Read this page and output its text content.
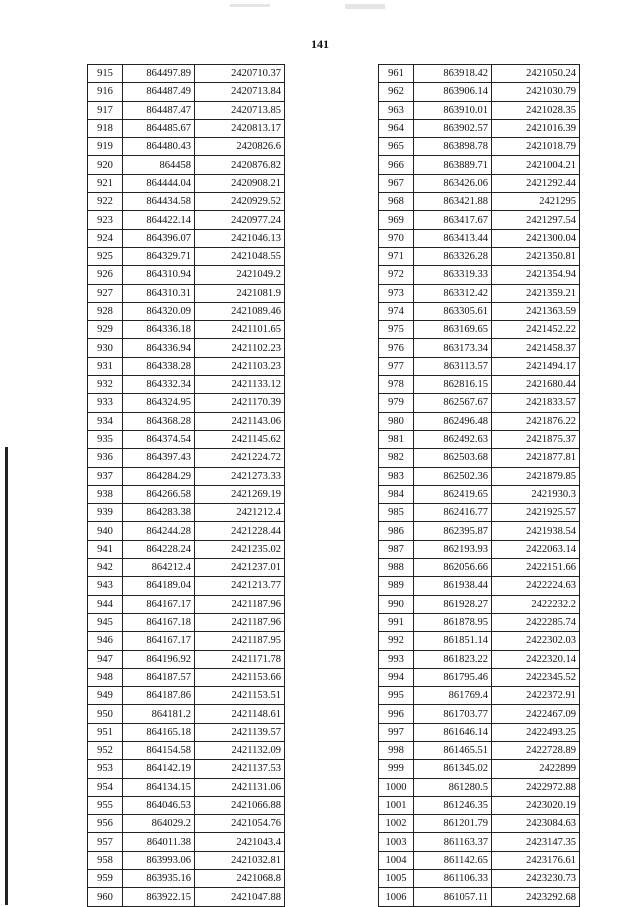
141
915	864497.89	2420710.37
916	864487.49	2420713.84
917	864487.47	2420713.85
918	864485.67	2420813.17
919	864480.43	2420826.6
920	864458	2420876.82
921	864444.04	2420908.21
922	864434.58	2420929.52
923	864422.14	2420977.24
924	864396.07	2421046.13
925	864329.71	2421048.55
926	864310.94	2421049.2
927	864310.31	2421081.9
928	864320.09	2421089.46
929	864336.18	2421101.65
930	864336.94	2421102.23
931	864338.28	2421103.23
932	864332.34	2421133.12
933	864324.95	2421170.39
934	864368.28	2421143.06
935	864374.54	2421145.62
936	864397.43	2421224.72
937	864284.29	2421273.33
938	864266.58	2421269.19
939	864283.38	2421212.4
940	864244.28	2421228.44
941	864228.24	2421235.02
942	864212.4	2421237.01
943	864189.04	2421213.77
944	864167.17	2421187.96
945	864167.18	2421187.96
946	864167.17	2421187.95
947	864196.92	2421171.78
948	864187.57	2421153.66
949	864187.86	2421153.51
950	864181.2	2421148.61
951	864165.18	2421139.57
952	864154.58	2421132.09
953	864142.19	2421137.53
954	864134.15	2421131.06
955	864046.53	2421066.88
956	864029.2	2421054.76
957	864011.38	2421043.4
958	863993.06	2421032.81
959	863935.16	2421068.8
960	863922.15	2421047.88
961	863918.42	2421050.24
962	863906.14	2421030.79
963	863910.01	2421028.35
964	863902.57	2421016.39
965	863898.78	2421018.79
966	863889.71	2421004.21
967	863426.06	2421292.44
968	863421.88	2421295
969	863417.67	2421297.54
970	863413.44	2421300.04
971	863326.28	2421350.81
972	863319.33	2421354.94
973	863312.42	2421359.21
974	863305.61	2421363.59
975	863169.65	2421452.22
976	863173.34	2421458.37
977	863113.57	2421494.17
978	862816.15	2421680.44
979	862567.67	2421833.57
980	862496.48	2421876.22
981	862492.63	2421875.37
982	862503.68	2421877.81
983	862502.36	2421879.85
984	862419.65	2421930.3
985	862416.77	2421925.57
986	862395.87	2421938.54
987	862193.93	2422063.14
988	862056.66	2422151.66
989	861938.44	2422224.63
990	861928.27	2422232.2
991	861878.95	2422285.74
992	861851.14	2422302.03
993	861823.22	2422320.14
994	861795.46	2422345.52
995	861769.4	2422372.91
996	861703.77	2422467.09
997	861646.14	2422493.25
998	861465.51	2422728.89
999	861345.02	2422899
1000	861280.5	2422972.88
1001	861246.35	2423020.19
1002	861201.79	2423084.63
1003	861163.37	2423147.35
1004	861142.65	2423176.61
1005	861106.33	2423230.73
1006	861057.11	2423292.68
